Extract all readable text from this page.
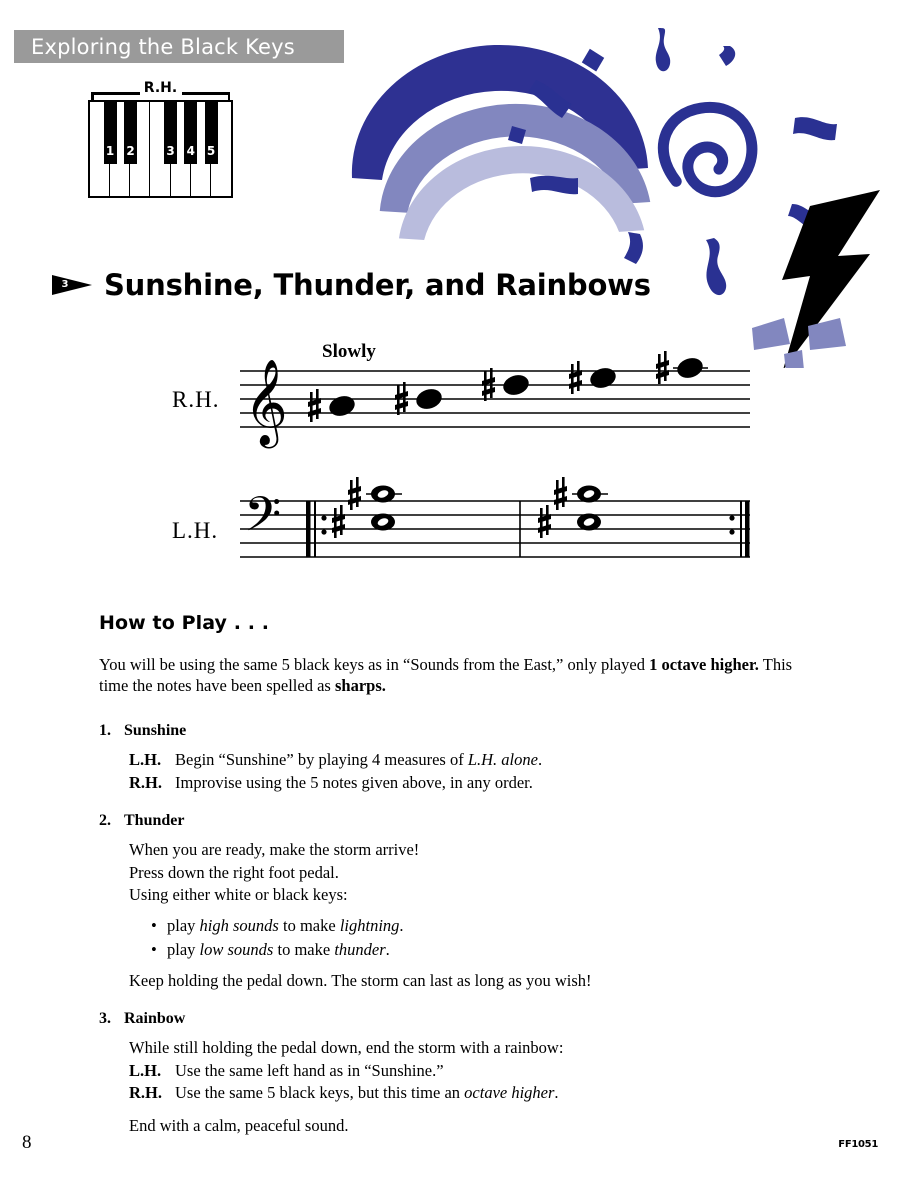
Exploring the Black Keys
R.H.
1 2	3 4 5
3 Sunshine, Thunder, and Rainbows
R.H.
L.H.
𝄞
Slowly
𝄢
How to Play . . .

You will be using the same 5 black keys as in “Sounds from the East,” only played 1 octave higher. This time the notes have been spelled as sharps.

1. Sunshine
L.H. Begin “Sunshine” by playing 4 measures of L.H. alone.
R.H. Improvise using the 5 notes given above, in any order.
2. Thunder
When you are ready, make the storm arrive!
Press down the right foot pedal.
Using either white or black keys:
• play high sounds to make lightning.
• play low sounds to make thunder.
Keep holding the pedal down. The storm can last as long as you wish!
3. Rainbow
While still holding the pedal down, end the storm with a rainbow:
L.H. Use the same left hand as in “Sunshine.”
R.H. Use the same 5 black keys, but this time an octave higher.
End with a calm, peaceful sound.
8	FF1051
